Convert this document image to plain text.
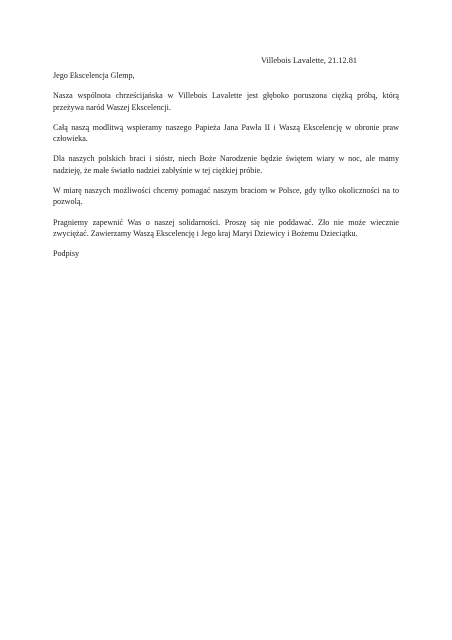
Villebois Lavalette, 21.12.81

Jego Ekscelencja Glemp,

Nasza wspólnota chrześcijańska w Villebois Lavalette jest głęboko poruszona ciężką próbą, którą przeżywa naród Waszej Ekscelencji.

Całą naszą modlitwą wspieramy naszego Papieża Jana Pawła II i Waszą Ekscelencję w obronie praw człowieka.

Dla naszych polskich braci i sióstr, niech Boże Narodzenie będzie świętem wiary w noc, ale mamy nadzieję, że małe światło nadziei zabłyśnie w tej ciężkiej próbie.

W miarę naszych możliwości chcemy pomagać naszym braciom w Polsce, gdy tylko okoliczności na to pozwolą.

Pragniemy zapewnić Was o naszej solidarności. Proszę się nie poddawać. Zło nie może wiecznie zwyciężać. Zawierzamy Waszą Ekscelencję i Jego kraj Maryi Dziewicy i Bożemu Dzieciątku.

Podpisy
